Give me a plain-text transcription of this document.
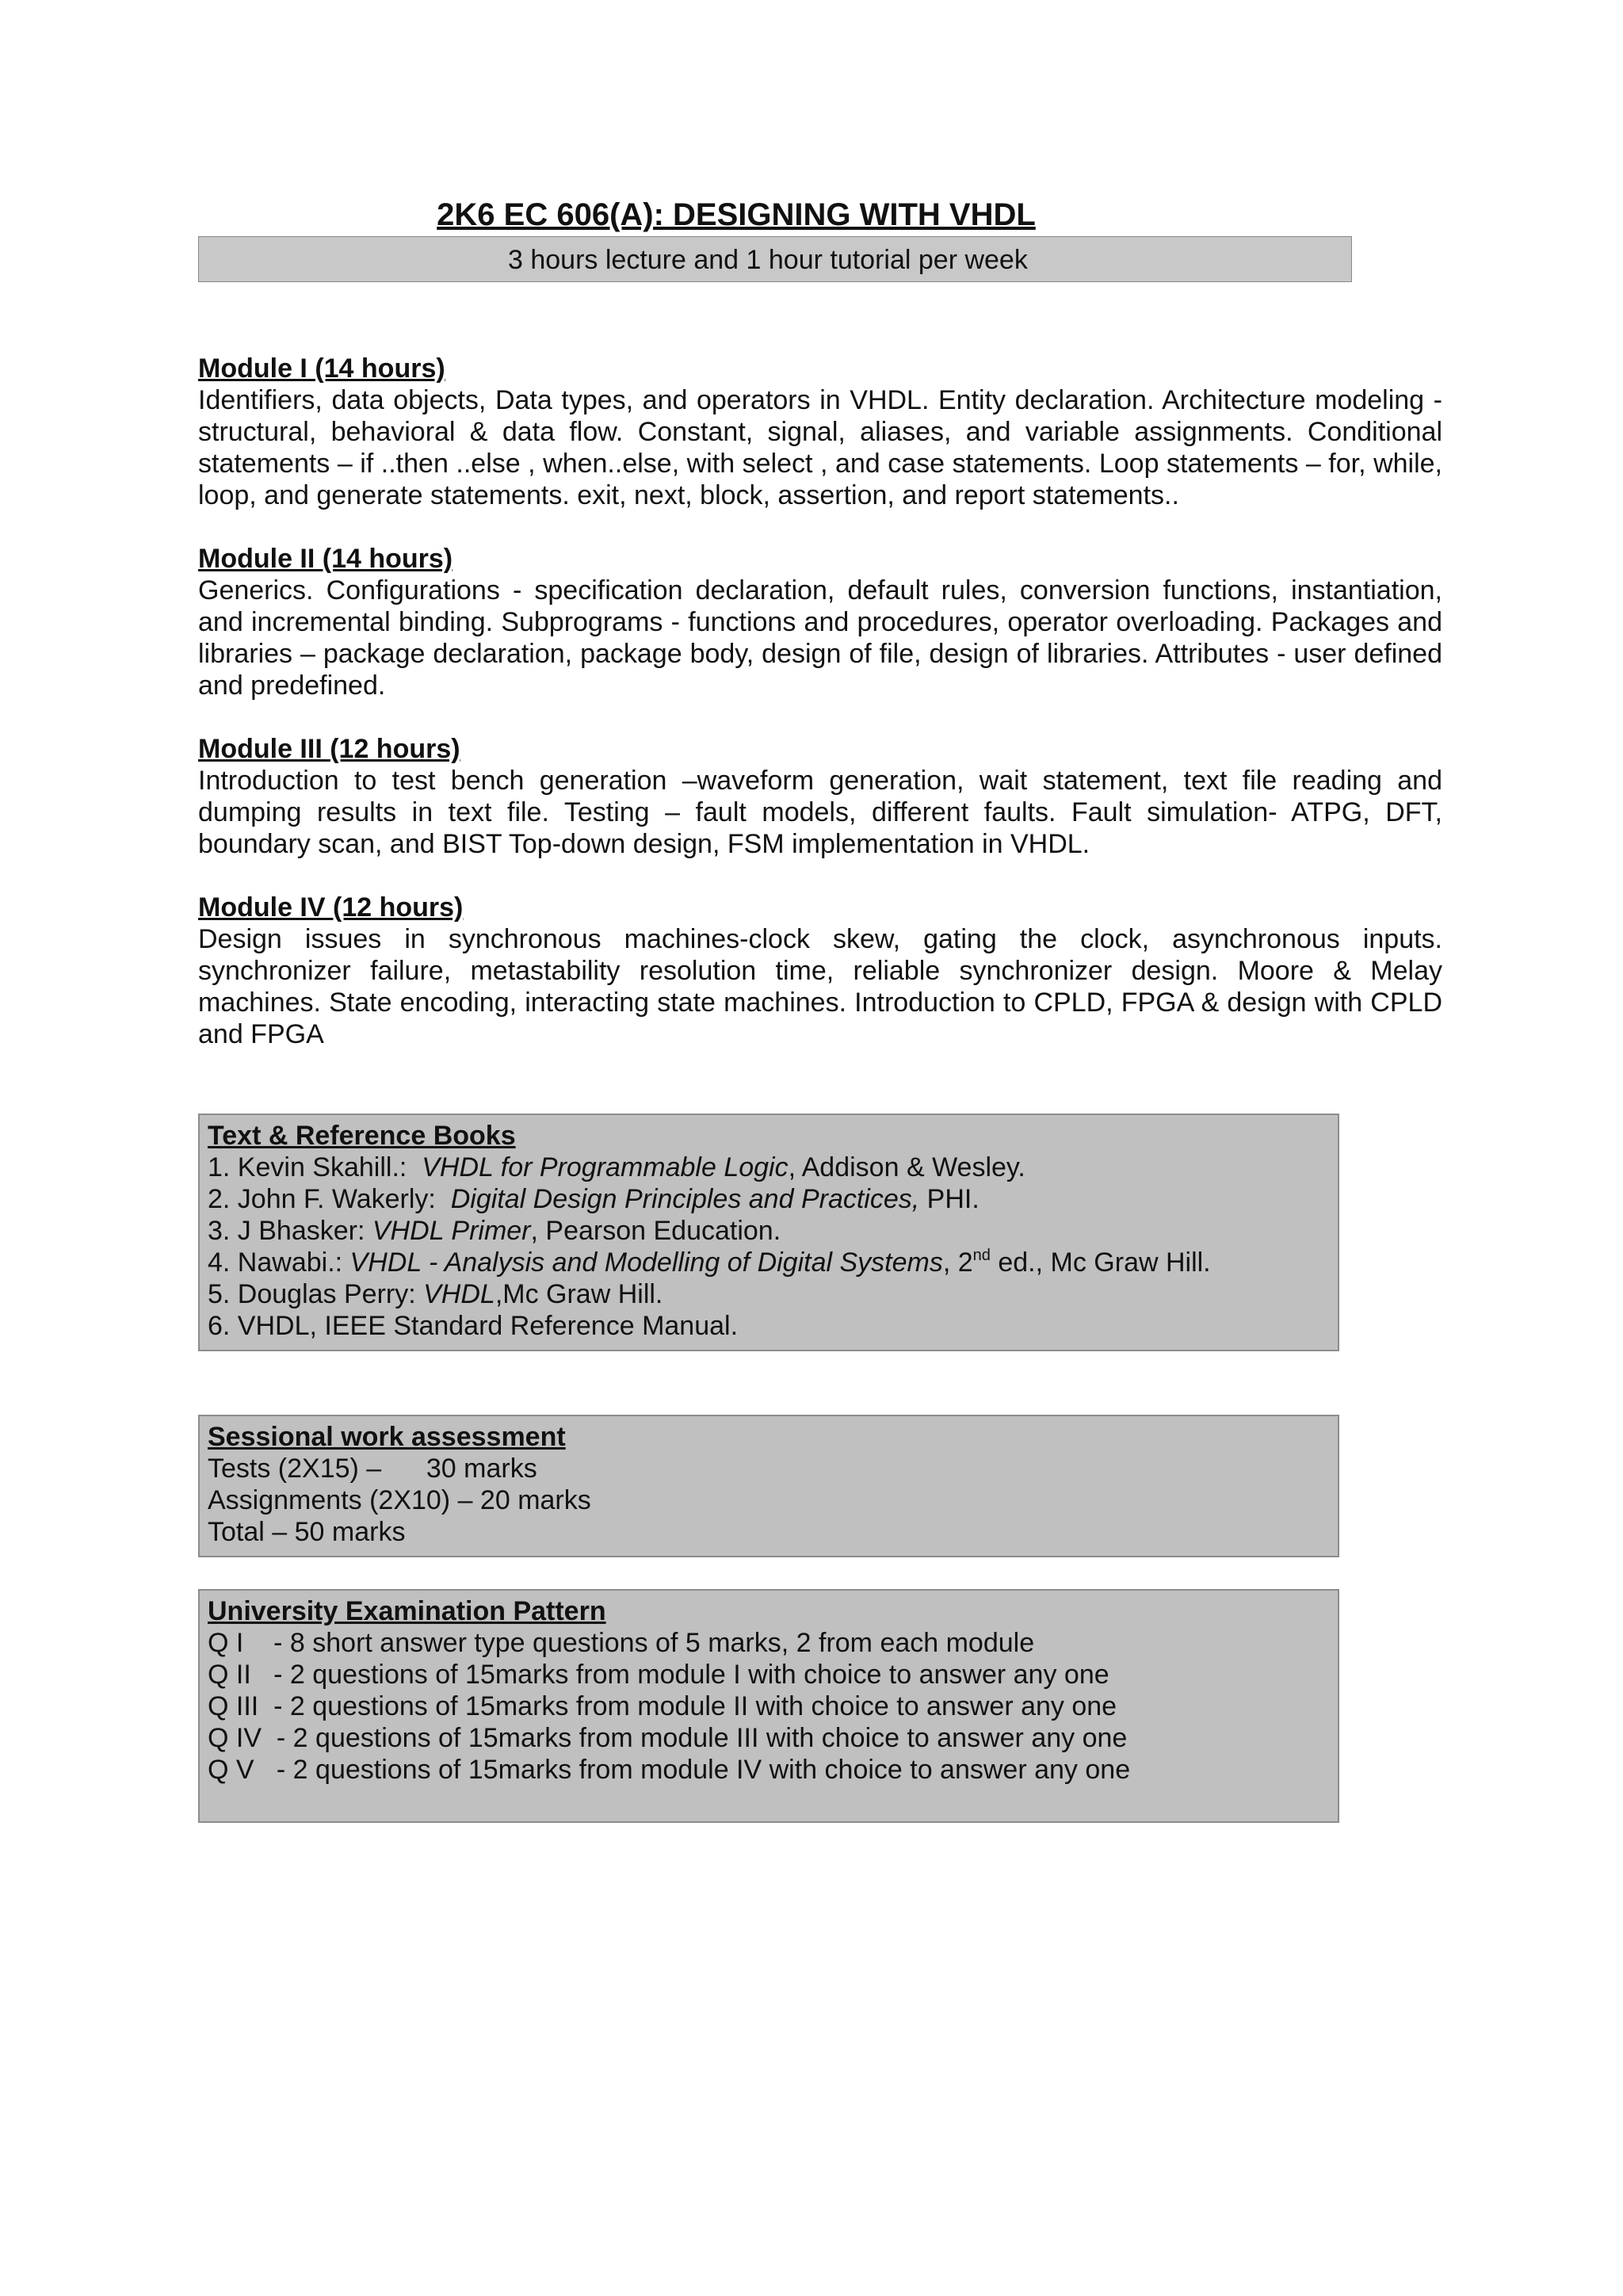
2K6 EC 606(A): DESIGNING WITH VHDL
3 hours lecture and 1 hour tutorial per week
Module I (14 hours)

Identifiers, data objects, Data types, and operators in VHDL. Entity declaration. Architecture modeling - structural, behavioral & data flow. Constant, signal, aliases, and variable assignments. Conditional statements – if ..then ..else , when..else, with select , and case statements. Loop statements – for, while, loop, and generate statements. exit, next, block, assertion, and report statements..

Module II (14 hours)

Generics. Configurations - specification declaration, default rules, conversion functions, instantiation, and incremental binding. Subprograms - functions and procedures, operator overloading. Packages and libraries – package declaration, package body, design of file, design of libraries. Attributes - user defined and predefined.

Module III (12 hours)

Introduction to test bench generation –waveform generation, wait statement, text file reading and dumping results in text file. Testing – fault models, different faults. Fault simulation- ATPG, DFT, boundary scan, and BIST Top-down design, FSM implementation in VHDL.

Module IV (12 hours)

Design issues in synchronous machines-clock skew, gating the clock, asynchronous inputs. synchronizer failure, metastability resolution time, reliable synchronizer design. Moore & Melay machines. State encoding, interacting state machines. Introduction to CPLD, FPGA & design with CPLD and FPGA

Text & Reference Books
1. Kevin Skahill.:  VHDL for Programmable Logic, Addison & Wesley.
2. John F. Wakerly:  Digital Design Principles and Practices, PHI.
3. J Bhasker: VHDL Primer, Pearson Education.
4. Nawabi.: VHDL - Analysis and Modelling of Digital Systems, 2nd ed., Mc Graw Hill.
5. Douglas Perry: VHDL,Mc Graw Hill.
6. VHDL, IEEE Standard Reference Manual.
Sessional work assessment
Tests (2X15) –      30 marks
Assignments (2X10) – 20 marks
Total – 50 marks
University Examination Pattern
Q I    - 8 short answer type questions of 5 marks, 2 from each module
Q II   - 2 questions of 15marks from module I with choice to answer any one
Q III  - 2 questions of 15marks from module II with choice to answer any one
Q IV  - 2 questions of 15marks from module III with choice to answer any one
Q V   - 2 questions of 15marks from module IV with choice to answer any one
